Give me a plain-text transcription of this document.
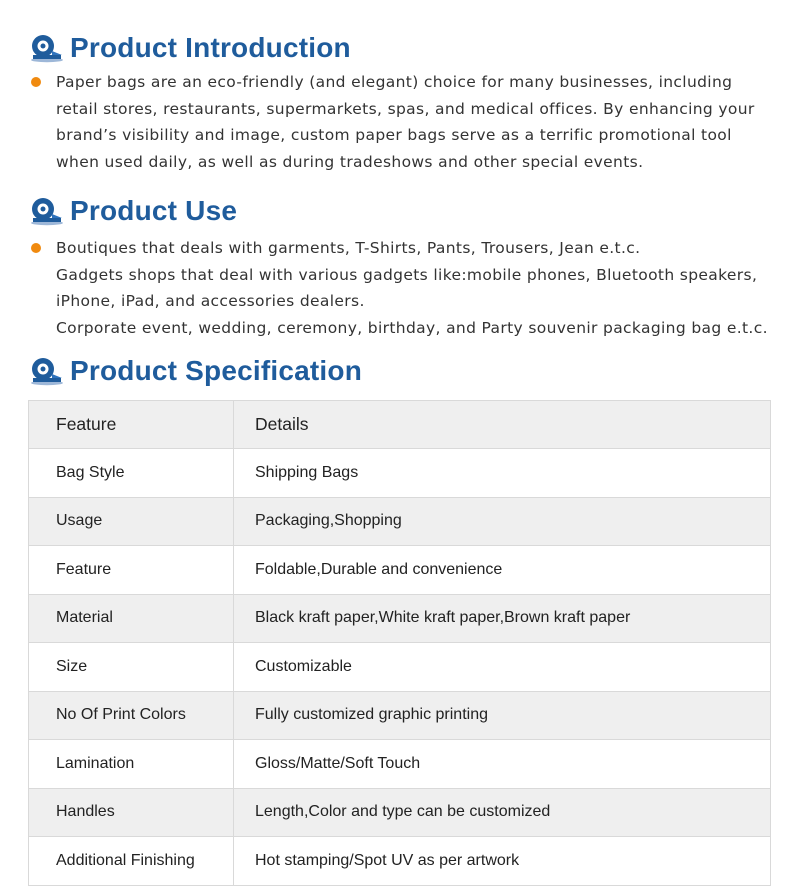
Product Introduction
Paper bags are an eco-friendly (and elegant) choice for many businesses, including
retail stores, restaurants, supermarkets, spas, and medical offices. By enhancing your
brand’s visibility and image, custom paper bags serve as a terrific promotional tool
when used daily, as well as during tradeshows and other special events.
Product Use
Boutiques that deals with garments, T-Shirts, Pants, Trousers, Jean e.t.c.
Gadgets shops that deal with various gadgets like:mobile phones, Bluetooth speakers,
iPhone, iPad, and accessories dealers.
Corporate event, wedding, ceremony, birthday, and Party souvenir packaging bag e.t.c.
Product Specification
Feature	Details
Bag Style	Shipping Bags
Usage	Packaging,Shopping
Feature	Foldable,Durable and convenience
Material	Black kraft paper,White kraft paper,Brown kraft paper
Size	Customizable
No Of Print Colors	Fully customized graphic printing
Lamination	Gloss/Matte/Soft Touch
Handles	Length,Color and type can be customized
Additional Finishing	Hot stamping/Spot UV as per artwork
